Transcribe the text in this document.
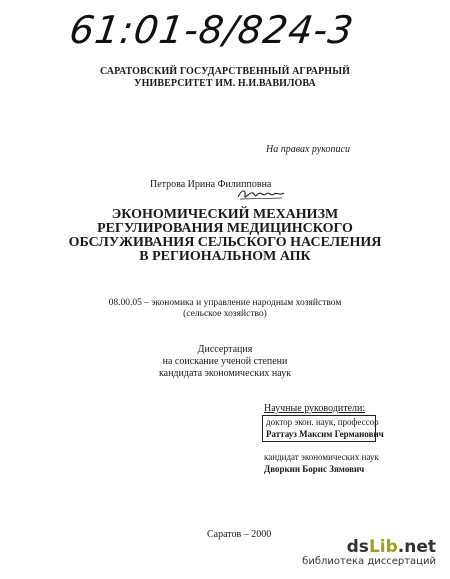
61:01-8/824-3
САРАТОВСКИЙ ГОСУДАРСТВЕННЫЙ АГРАРНЫЙ
УНИВЕРСИТЕТ ИМ. Н.И.ВАВИЛОВА
На правах рукописи
Петрова Ирина Филипповна
ЭКОНОМИЧЕСКИЙ МЕХАНИЗМ
РЕГУЛИРОВАНИЯ МЕДИЦИНСКОГО
ОБСЛУЖИВАНИЯ СЕЛЬСКОГО НАСЕЛЕНИЯ
В РЕГИОНАЛЬНОМ АПК
08.00.05 – экономика и управление народным хозяйством
(сельское хозяйство)
Диссертация
на соискание ученой степени
кандидата экономических наук
Научные руководители:
доктор экон. наук, профессор
Раттауз Максим Германович
кандидат экономических наук
Дворкин Борис Зямович
Саратов – 2000
dsLib.net
библиотека диссертаций
